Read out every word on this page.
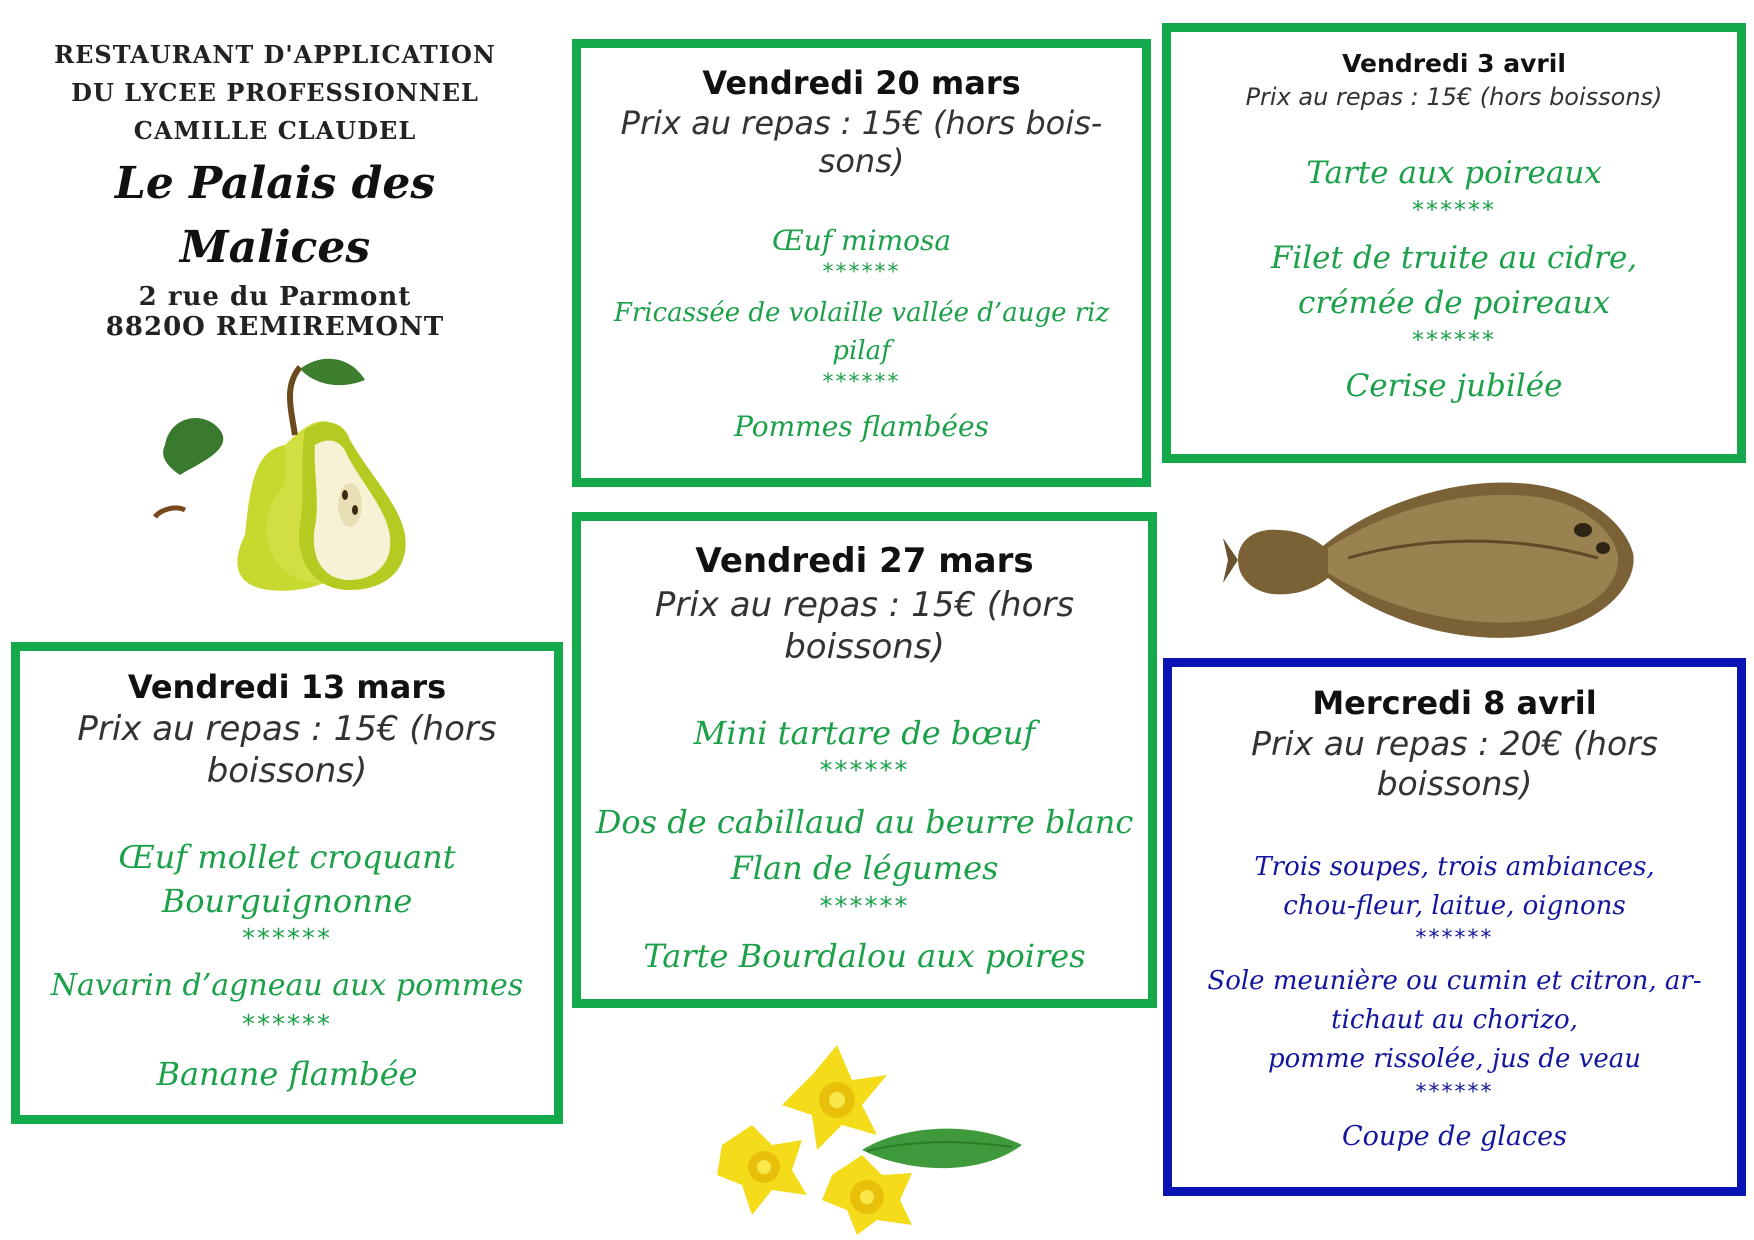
RESTAURANT D'APPLICATION
DU LYCEE PROFESSIONNEL
CAMILLE CLAUDEL
Le Palais des Malices
2 rue du Parmont
8820O REMIREMONT
Vendredi 20 mars
Prix au repas : 15€ (hors bois-
sons)
Œuf mimosa
******
Fricassée de volaille vallée d’auge riz
pilaf
******
Pommes flambées
Vendredi 3 avril
Prix au repas : 15€ (hors boissons)
Tarte aux poireaux
******
Filet de truite au cidre,
crémée de poireaux
******
Cerise jubilée
Vendredi 27 mars
Prix au repas : 15€ (hors
boissons)
Mini tartare de bœuf
******
Dos de cabillaud au beurre blanc
Flan de légumes
******
Tarte Bourdalou aux poires
Vendredi 13 mars
Prix au repas : 15€ (hors
boissons)
Œuf mollet croquant
Bourguignonne
******
Navarin d’agneau aux pommes
******
Banane flambée
Mercredi 8 avril
Prix au repas : 20€ (hors
boissons)
Trois soupes, trois ambiances,
chou-fleur, laitue, oignons
******
Sole meunière ou cumin et citron, ar-
tichaut au chorizo,
pomme rissolée, jus de veau
******
Coupe de glaces
